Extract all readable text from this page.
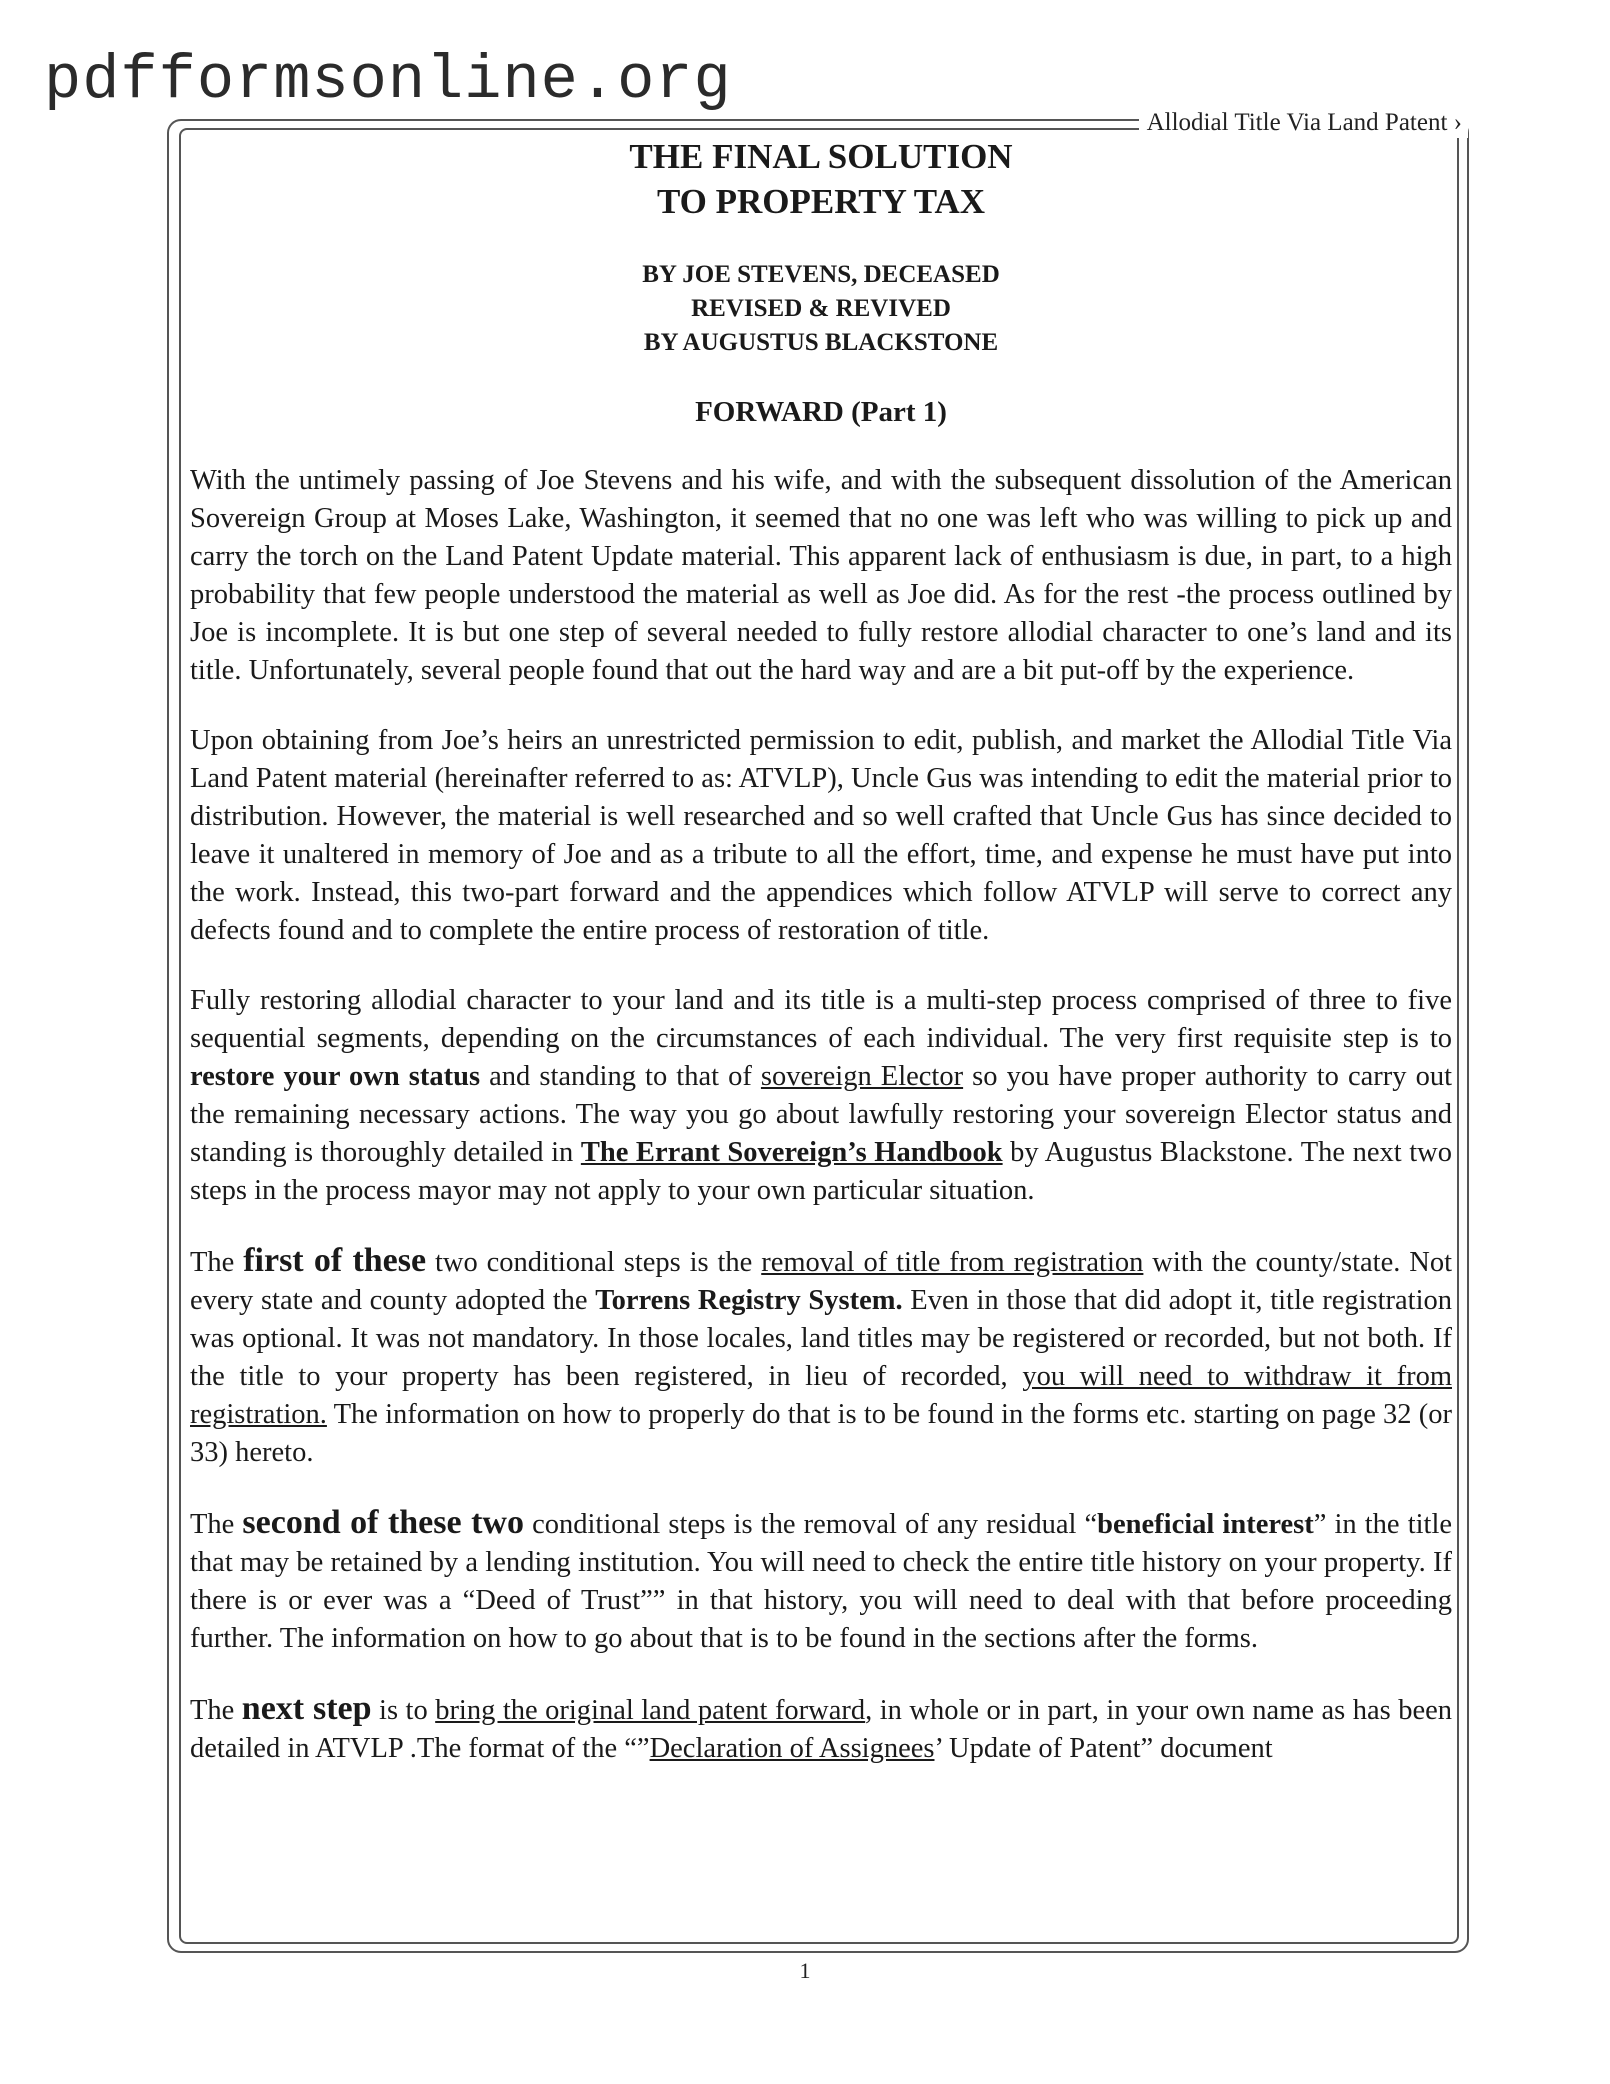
pdfformsonline.org
Allodial Title Via Land Patent ›
THE FINAL SOLUTION
TO PROPERTY TAX
BY JOE STEVENS, DECEASED
REVISED & REVIVED
BY AUGUSTUS BLACKSTONE
FORWARD (Part 1)

With the untimely passing of Joe Stevens and his wife, and with the subsequent dissolution of the American Sovereign Group at Moses Lake, Washington, it seemed that no one was left who was willing to pick up and carry the torch on the Land Patent Update material. This apparent lack of enthusiasm is due, in part, to a high probability that few people understood the material as well as Joe did. As for the rest -the process outlined by Joe is incomplete. It is but one step of several needed to fully restore allodial character to one’s land and its title. Unfortunately, several people found that out the hard way and are a bit put-off by the experience.

Upon obtaining from Joe’s heirs an unrestricted permission to edit, publish, and market the Allodial Title Via Land Patent material (hereinafter referred to as: ATVLP), Uncle Gus was intending to edit the material prior to distribution. However, the material is well researched and so well crafted that Uncle Gus has since decided to leave it unaltered in memory of Joe and as a tribute to all the effort, time, and expense he must have put into the work. Instead, this two-part forward and the appendices which follow ATVLP will serve to correct any defects found and to complete the entire process of restoration of title.

Fully restoring allodial character to your land and its title is a multi-step process comprised of three to five sequential segments, depending on the circumstances of each individual. The very first requisite step is to restore your own status and standing to that of sovereign Elector so you have proper authority to carry out the remaining necessary actions. The way you go about lawfully restoring your sovereign Elector status and standing is thoroughly detailed in The Errant Sovereign’s Handbook by Augustus Blackstone. The next two steps in the process mayor may not apply to your own particular situation.

The first of these two conditional steps is the removal of title from registration with the county/state. Not every state and county adopted the Torrens Registry System. Even in those that did adopt it, title registration was optional. It was not mandatory. In those locales, land titles may be registered or recorded, but not both. If the title to your property has been registered, in lieu of recorded, you will need to withdraw it from registration. The information on how to properly do that is to be found in the forms etc. starting on page 32 (or 33) hereto.

The second of these two conditional steps is the removal of any residual “beneficial interest” in the title that may be retained by a lending institution. You will need to check the entire title history on your property. If there is or ever was a “Deed of Trust”” in that history, you will need to deal with that before proceeding further. The information on how to go about that is to be found in the sections after the forms.

The next step is to bring the original land patent forward, in whole or in part, in your own name as has been detailed in ATVLP .The format of the “”Declaration of Assignees’ Update of Patent” document

1
